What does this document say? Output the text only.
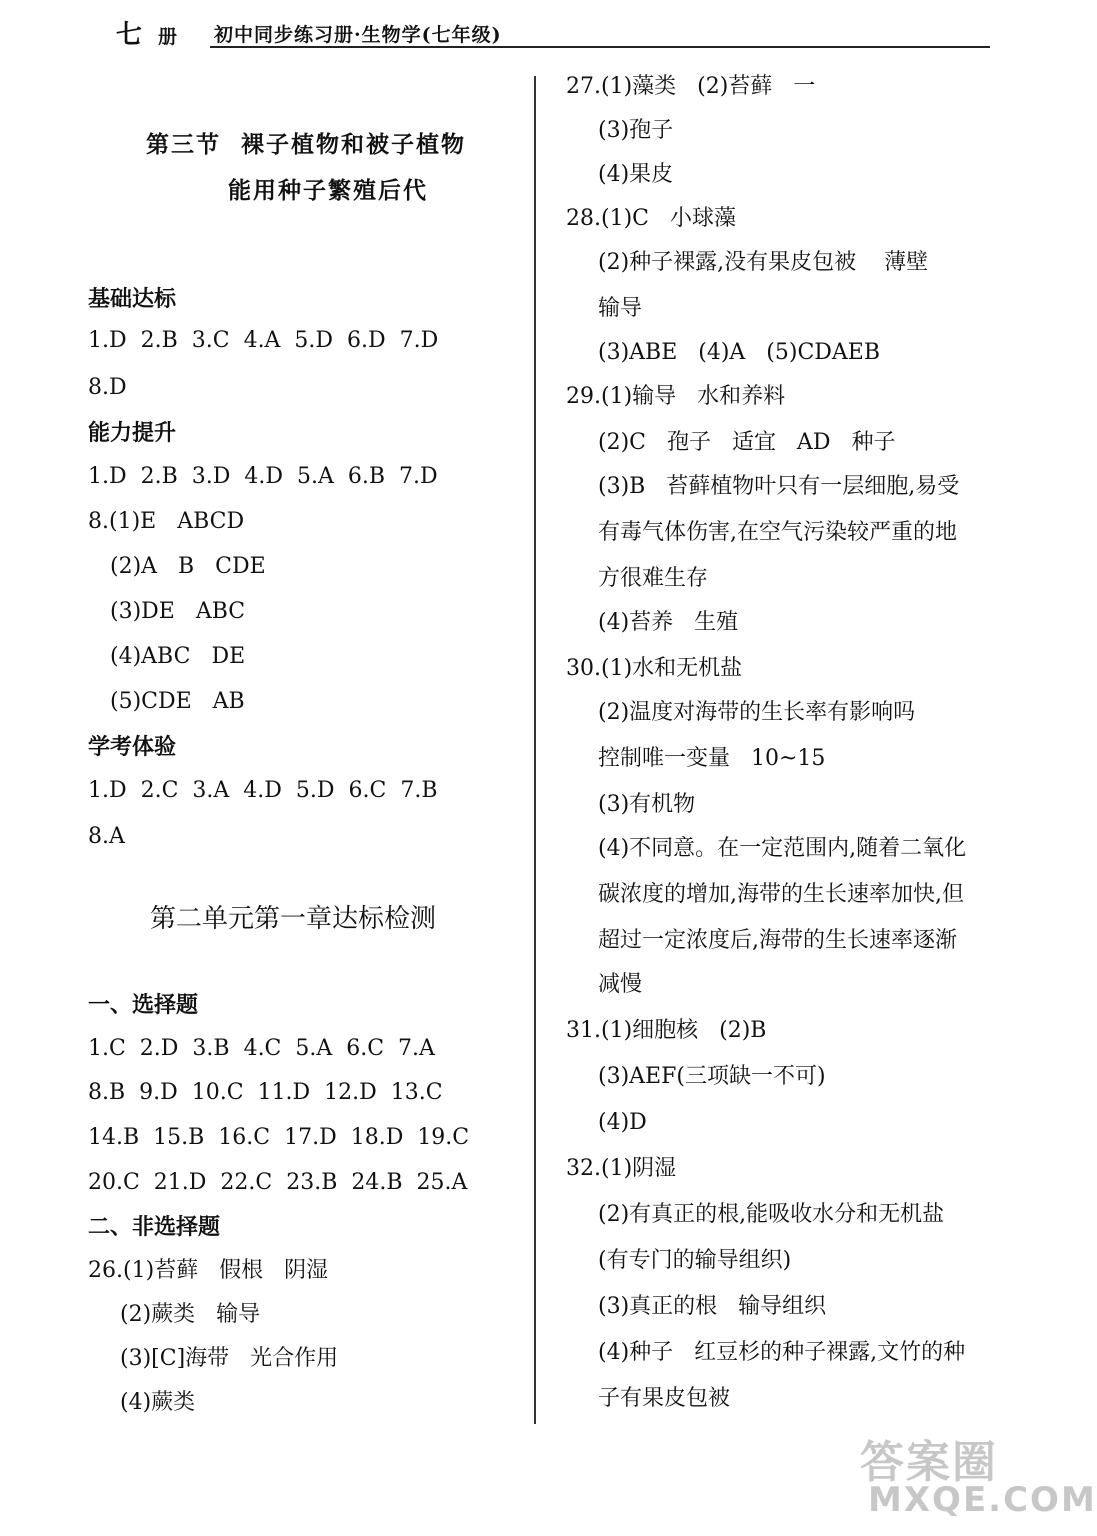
七 册 初中同步练习册·生物学(七年级)
第三节  裸子植物和被子植物
能用种子繁殖后代
基础达标
1.D  2.B  3.C  4.A  5.D  6.D  7.D
8.D
能力提升
1.D  2.B  3.D  4.D  5.A  6.B  7.D
8.(1)E   ABCD
(2)A   B   CDE
(3)DE   ABC
(4)ABC   DE
(5)CDE   AB
学考体验
1.D  2.C  3.A  4.D  5.D  6.C  7.B
8.A
第二单元第一章达标检测
一、选择题
1.C  2.D  3.B  4.C  5.A  6.C  7.A
8.B  9.D  10.C  11.D  12.D  13.C
14.B  15.B  16.C  17.D  18.D  19.C
20.C  21.D  22.C  23.B  24.B  25.A
二、非选择题
26.(1)苔藓   假根   阴湿
(2)蕨类   输导
(3)[C]海带   光合作用
(4)蕨类
27.(1)藻类   (2)苔藓   一
(3)孢子
(4)果皮
28.(1)C   小球藻
(2)种子裸露,没有果皮包被    薄壁
输导
(3)ABE   (4)A   (5)CDAEB
29.(1)输导   水和养料
(2)C   孢子   适宜   AD   种子
(3)B   苔藓植物叶只有一层细胞,易受
有毒气体伤害,在空气污染较严重的地
方很难生存
(4)苔养   生殖
30.(1)水和无机盐
(2)温度对海带的生长率有影响吗
控制唯一变量   10~15
(3)有机物
(4)不同意。在一定范围内,随着二氧化
碳浓度的增加,海带的生长速率加快,但
超过一定浓度后,海带的生长速率逐渐
减慢
31.(1)细胞核   (2)B
(3)AEF(三项缺一不可)
(4)D
32.(1)阴湿
(2)有真正的根,能吸收水分和无机盐
(有专门的输导组织)
(3)真正的根   输导组织
(4)种子   红豆杉的种子裸露,文竹的种
子有果皮包被
答案圈
MXQE.COM
